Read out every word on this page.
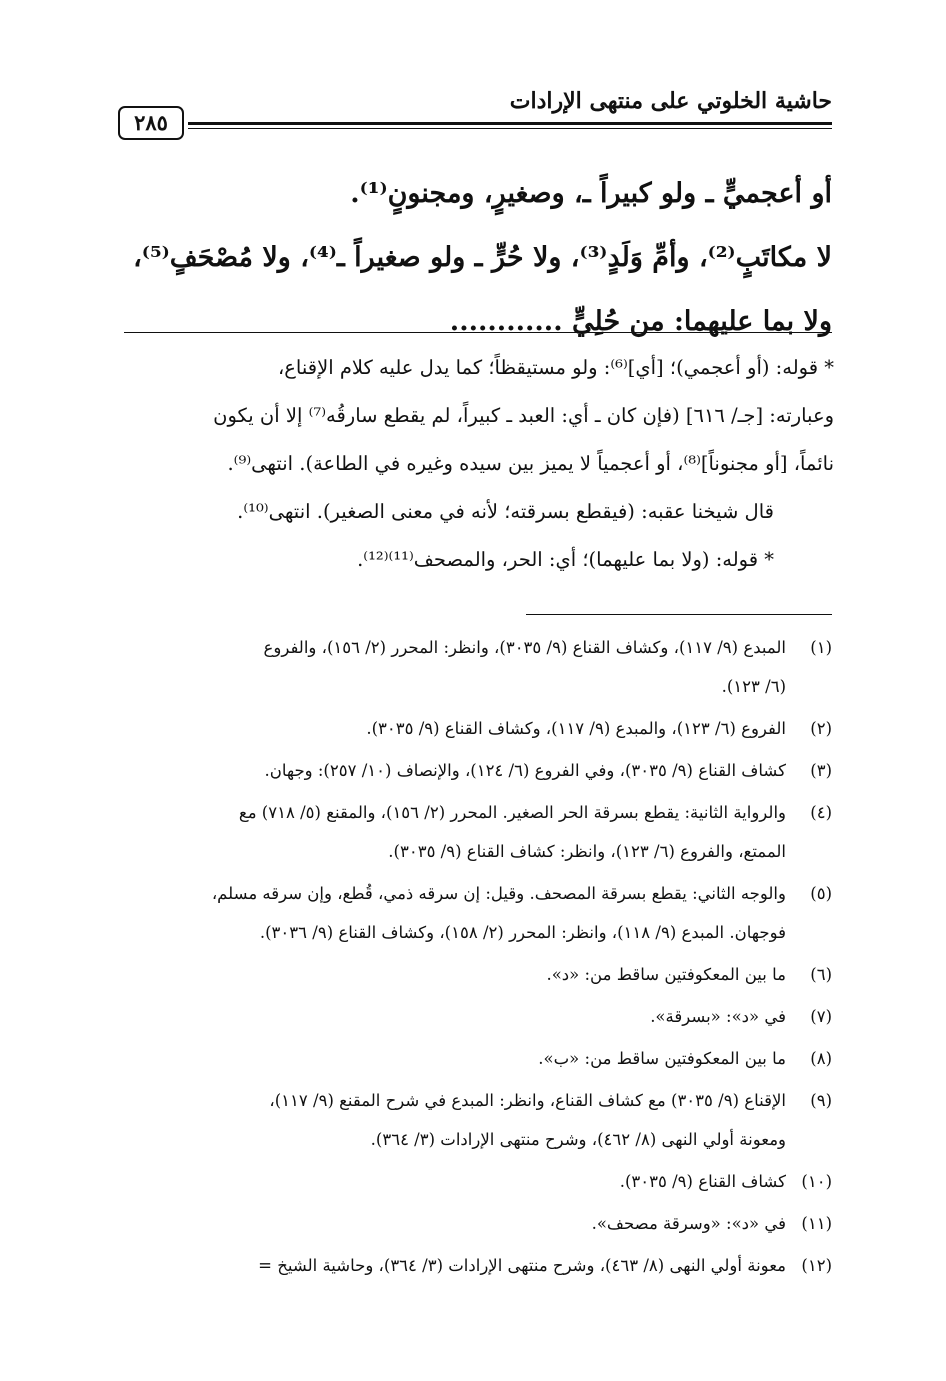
حاشية الخلوتي على منتهى الإرادات
٢٨٥
أو أعجميٍّ ـ ولو كبيراً ـ، وصغيرٍ، ومجنونٍ⁽¹⁾.
لا مكاتَبٍ⁽²⁾، وأمِّ وَلَدٍ⁽³⁾، ولا حُرٍّ ـ ولو صغيراً ـ⁽⁴⁾، ولا مُصْحَفٍ⁽⁵⁾،
ولا بما عليهما: من حُلِيٍّ ............
* قوله: (أو أعجمي)؛ [أي]⁽⁶⁾: ولو مستيقظاً؛ كما يدل عليه كلام الإقناع،
وعبارته: [جـ/ ٦١٦] (فإن كان ـ أي: العبد ـ كبيراً، لم يقطع سارقُه⁽⁷⁾ إلا أن يكون
نائماً، [أو مجنوناً]⁽⁸⁾، أو أعجمياً لا يميز بين سيده وغيره في الطاعة). انتهى⁽⁹⁾.
قال شيخنا عقبه: (فيقطع بسرقته؛ لأنه في معنى الصغير). انتهى⁽¹⁰⁾.
* قوله: (ولا بما عليهما)؛ أي: الحر، والمصحف⁽¹¹⁾⁽¹²⁾.
(١)
المبدع (٩/ ١١٧)، وكشاف القناع (٩/ ٣٠٣٥)، وانظر: المحرر (٢/ ١٥٦)، والفروع
(٦/ ١٢٣).
(٢)
الفروع (٦/ ١٢٣)، والمبدع (٩/ ١١٧)، وكشاف القناع (٩/ ٣٠٣٥).
(٣)
كشاف القناع (٩/ ٣٠٣٥)، وفي الفروع (٦/ ١٢٤)، والإنصاف (١٠/ ٢٥٧): وجهان.
(٤)
والرواية الثانية: يقطع بسرقة الحر الصغير. المحرر (٢/ ١٥٦)، والمقنع (٥/ ٧١٨) مع
الممتع، والفروع (٦/ ١٢٣)، وانظر: كشاف القناع (٩/ ٣٠٣٥).
(٥)
والوجه الثاني: يقطع بسرقة المصحف. وقيل: إن سرقه ذمي، قُطع، وإن سرقه مسلم،
فوجهان. المبدع (٩/ ١١٨)، وانظر: المحرر (٢/ ١٥٨)، وكشاف القناع (٩/ ٣٠٣٦).
(٦)
ما بين المعكوفتين ساقط من: «د».
(٧)
في «د»: «بسرقة».
(٨)
ما بين المعكوفتين ساقط من: «ب».
(٩)
الإقناع (٩/ ٣٠٣٥) مع كشاف القناع، وانظر: المبدع في شرح المقنع (٩/ ١١٧)،
ومعونة أولي النهى (٨/ ٤٦٢)، وشرح منتهى الإرادات (٣/ ٣٦٤).
(١٠)
كشاف القناع (٩/ ٣٠٣٥).
(١١)
في «د»: «وسرقة مصحف».
(١٢)
معونة أولي النهى (٨/ ٤٦٣)، وشرح منتهى الإرادات (٣/ ٣٦٤)، وحاشية الشيخ =
